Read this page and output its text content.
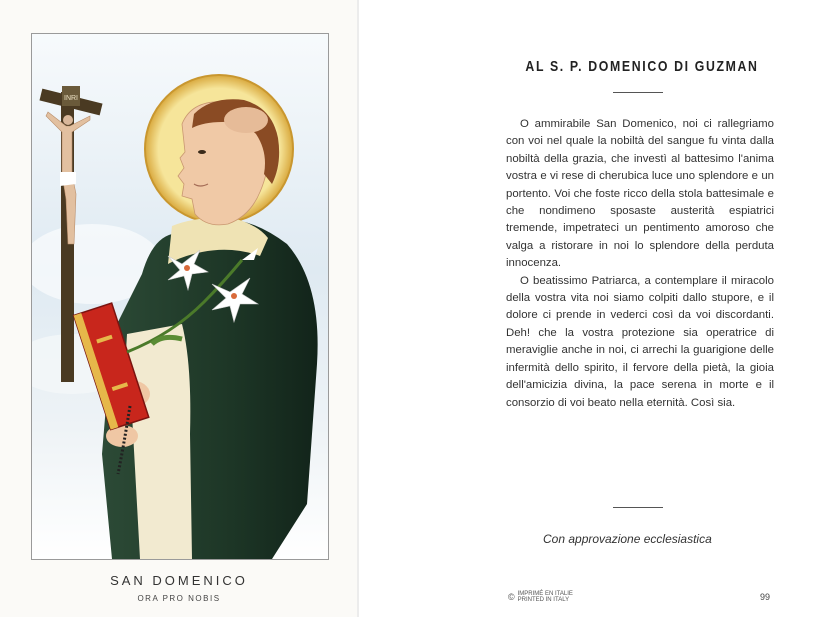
INRI
SAN DOMENICO
ORA PRO NOBIS
AL S. P. DOMENICO DI GUZMAN

O ammirabile San Domenico, noi ci rallegriamo con voi nel quale la nobiltà del sangue fu vinta dalla nobiltà della grazia, che investì al battesimo l'anima vostra e vi rese di cherubica luce uno splendore e un portento. Voi che foste ricco della stola battesimale e che nondimeno sposaste austerità espiatrici tremende, impetrateci un pentimento amoroso che valga a ristorare in noi lo splendore della perduta innocenza.

O beatissimo Patriarca, a contemplare il miracolo della vostra vita noi siamo colpiti dallo stupore, e il dolore ci prende in vederci così da voi discordanti. Deh! che la vostra protezione sia operatrice di meraviglie anche in noi, ci arrechi la guarigione delle infermità dello spirito, il fervore della pietà, la gioia dell'amicizia divina, la pace serena in morte e il consorzio di voi beato nella eternità. Così sia.

Con approvazione ecclesiastica
© IMPRIMÉ EN ITALIE
PRINTED IN ITALY	99
